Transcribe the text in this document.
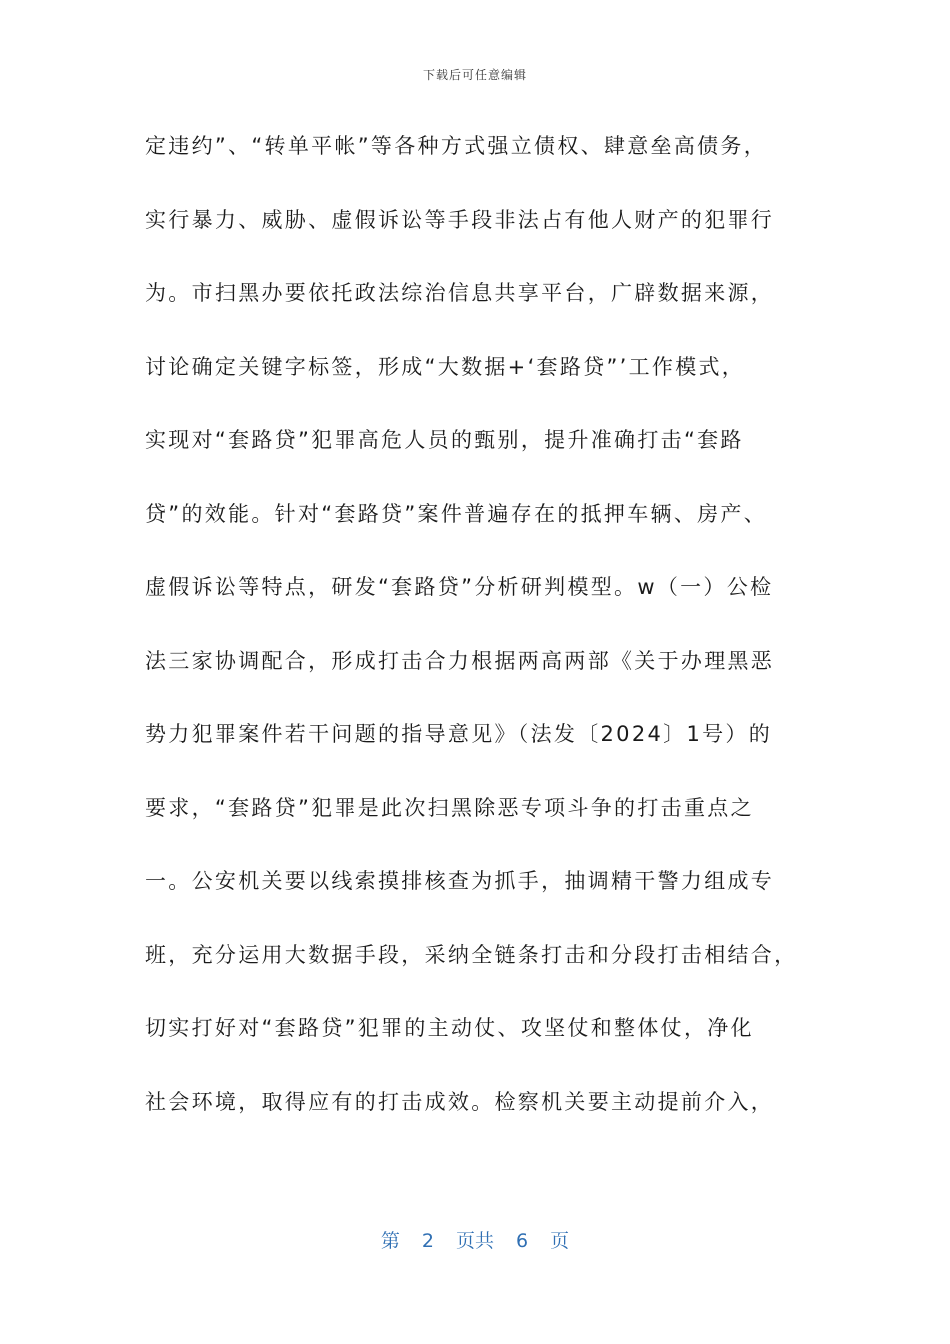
下载后可任意编辑
定违约”、“转单平帐”等各种方式强立债权、肆意垒高债务，
实行暴力、威胁、虚假诉讼等手段非法占有他人财产的犯罪行
为。市扫黑办要依托政法综治信息共享平台，广辟数据来源，
讨论确定关键字标签，形成“大数据+‘套路贷”’工作模式，
实现对“套路贷”犯罪高危人员的甄别，提升准确打击“套路
贷”的效能。针对“套路贷”案件普遍存在的抵押车辆、房产、
虚假诉讼等特点，研发“套路贷”分析研判模型。w（一）公检
法三家协调配合，形成打击合力根据两高两部《关于办理黑恶
势力犯罪案件若干问题的指导意见》（法发〔2024〕1号）的
要求，“套路贷”犯罪是此次扫黑除恶专项斗争的打击重点之
一。公安机关要以线索摸排核查为抓手，抽调精干警力组成专
班，充分运用大数据手段，采纳全链条打击和分段打击相结合，
切实打好对“套路贷”犯罪的主动仗、攻坚仗和整体仗，净化
社会环境，取得应有的打击成效。检察机关要主动提前介入，
第 2 页共 6 页
